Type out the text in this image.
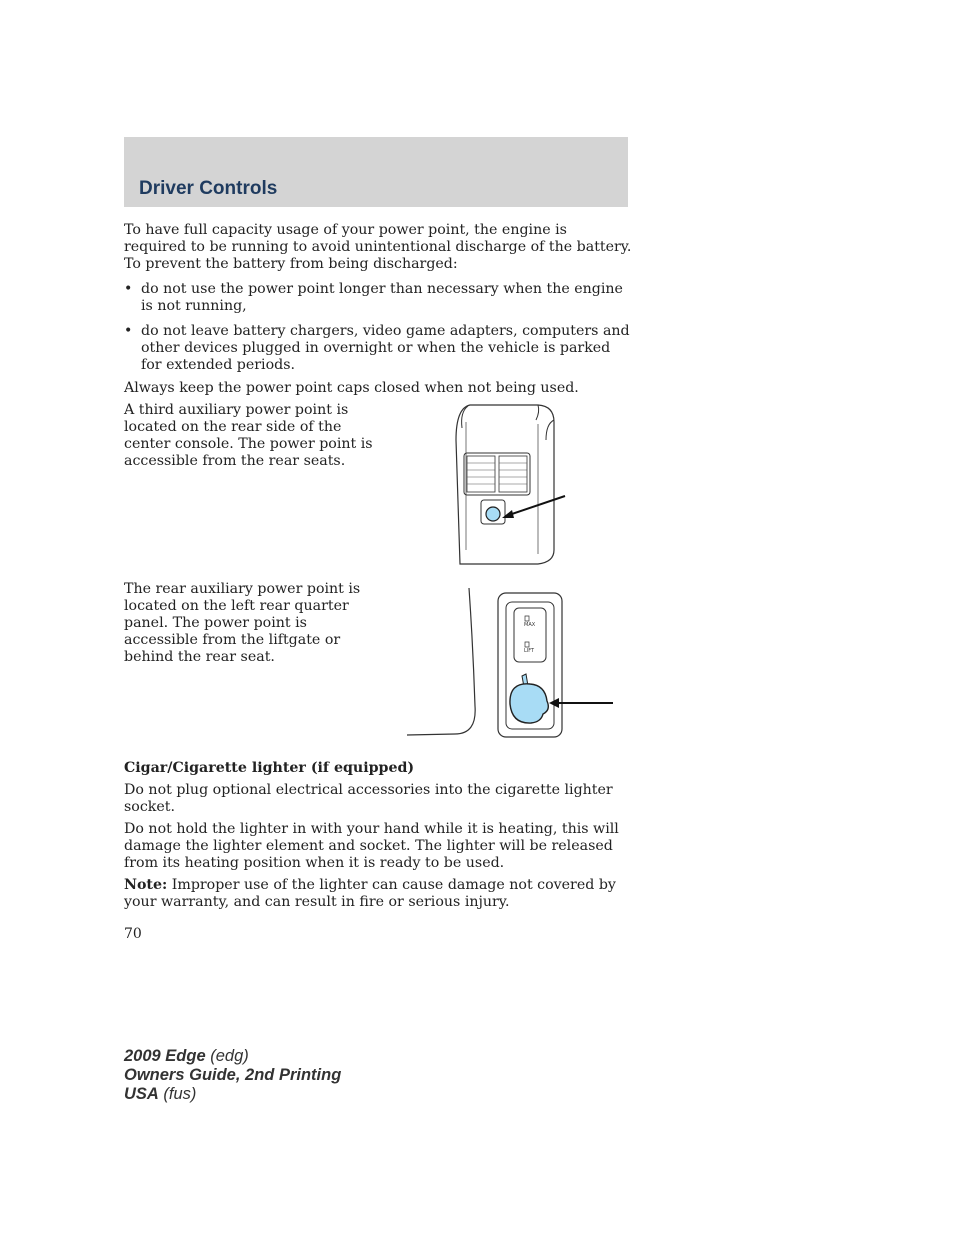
Driver Controls
To have full capacity usage of your power point, the engine is required to be running to avoid unintentional discharge of the battery. To prevent the battery from being discharged:
• do not use the power point longer than necessary when the engine is not running,
• do not leave battery chargers, video game adapters, computers and other devices plugged in overnight or when the vehicle is parked for extended periods.
Always keep the power point caps closed when not being used.
A third auxiliary power point is located on the rear side of the center console. The power point is accessible from the rear seats.
The rear auxiliary power point is located on the left rear quarter panel. The power point is accessible from the liftgate or behind the rear seat.
MAX
LIFT
Cigar/Cigarette lighter (if equipped)
Do not plug optional electrical accessories into the cigarette lighter socket.
Do not hold the lighter in with your hand while it is heating, this will damage the lighter element and socket. The lighter will be released from its heating position when it is ready to be used.
Note: Improper use of the lighter can cause damage not covered by your warranty, and can result in fire or serious injury.
70
2009 Edge (edg)
Owners Guide, 2nd Printing
USA (fus)
